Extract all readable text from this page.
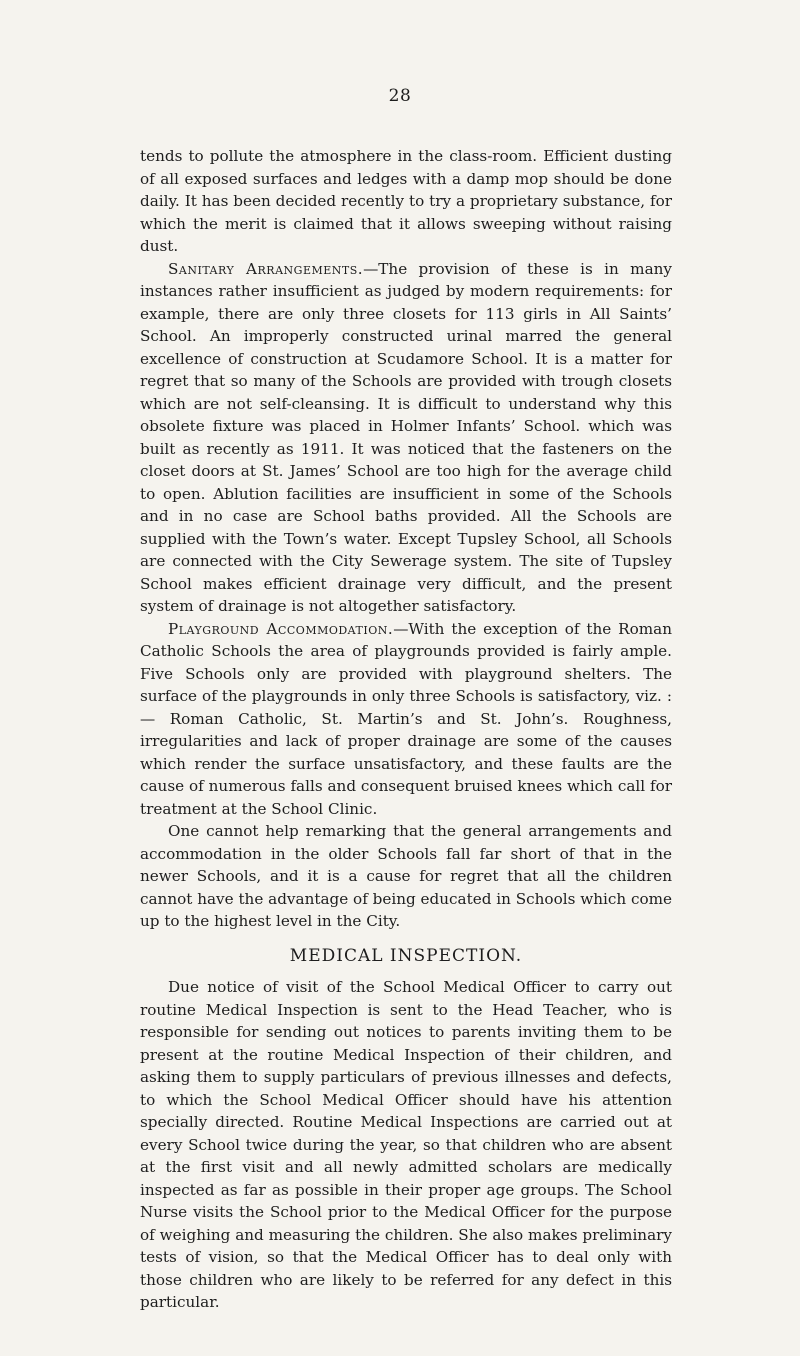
28

tends to pollute the atmosphere in the class-room. Efficient dusting of all exposed surfaces and ledges with a damp mop should be done daily. It has been decided recently to try a proprietary substance, for which the merit is claimed that it allows sweeping without raising dust.

Sanitary Arrangements.—The provision of these is in many instances rather insufficient as judged by modern requirements: for example, there are only three closets for 113 girls in All Saints’ School. An improperly constructed urinal marred the general excellence of construction at Scudamore School. It is a matter for regret that so many of the Schools are provided with trough closets which are not self-cleansing. It is difficult to understand why this obsolete fixture was placed in Holmer Infants’ School. which was built as recently as 1911. It was noticed that the fasteners on the closet doors at St. James’ School are too high for the average child to open. Ablution facilities are insufficient in some of the Schools and in no case are School baths provided. All the Schools are supplied with the Town’s water. Except Tupsley School, all Schools are connected with the City Sewerage system. The site of Tupsley School makes efficient drainage very difficult, and the present system of drainage is not altogether satisfactory.

Playground Accommodation.—With the exception of the Roman Catholic Schools the area of playgrounds provided is fairly ample. Five Schools only are provided with playground shelters. The surface of the playgrounds in only three Schools is satisfactory, viz. :— Roman Catholic, St. Martin’s and St. John’s. Roughness, irregularities and lack of proper drainage are some of the causes which render the surface unsatisfactory, and these faults are the cause of numerous falls and consequent bruised knees which call for treatment at the School Clinic.

One cannot help remarking that the general arrangements and accommodation in the older Schools fall far short of that in the newer Schools, and it is a cause for regret that all the children cannot have the advantage of being educated in Schools which come up to the highest level in the City.

MEDICAL INSPECTION.

Due notice of visit of the School Medical Officer to carry out routine Medical Inspection is sent to the Head Teacher, who is responsible for sending out notices to parents inviting them to be present at the routine Medical Inspection of their children, and asking them to supply particulars of previous illnesses and defects, to which the School Medical Officer should have his attention specially directed. Routine Medical Inspections are carried out at every School twice during the year, so that children who are absent at the first visit and all newly admitted scholars are medically inspected as far as possible in their proper age groups. The School Nurse visits the School prior to the Medical Officer for the purpose of weighing and measuring the children. She also makes preliminary tests of vision, so that the Medical Officer has to deal only with those children who are likely to be referred for any defect in this particular.
